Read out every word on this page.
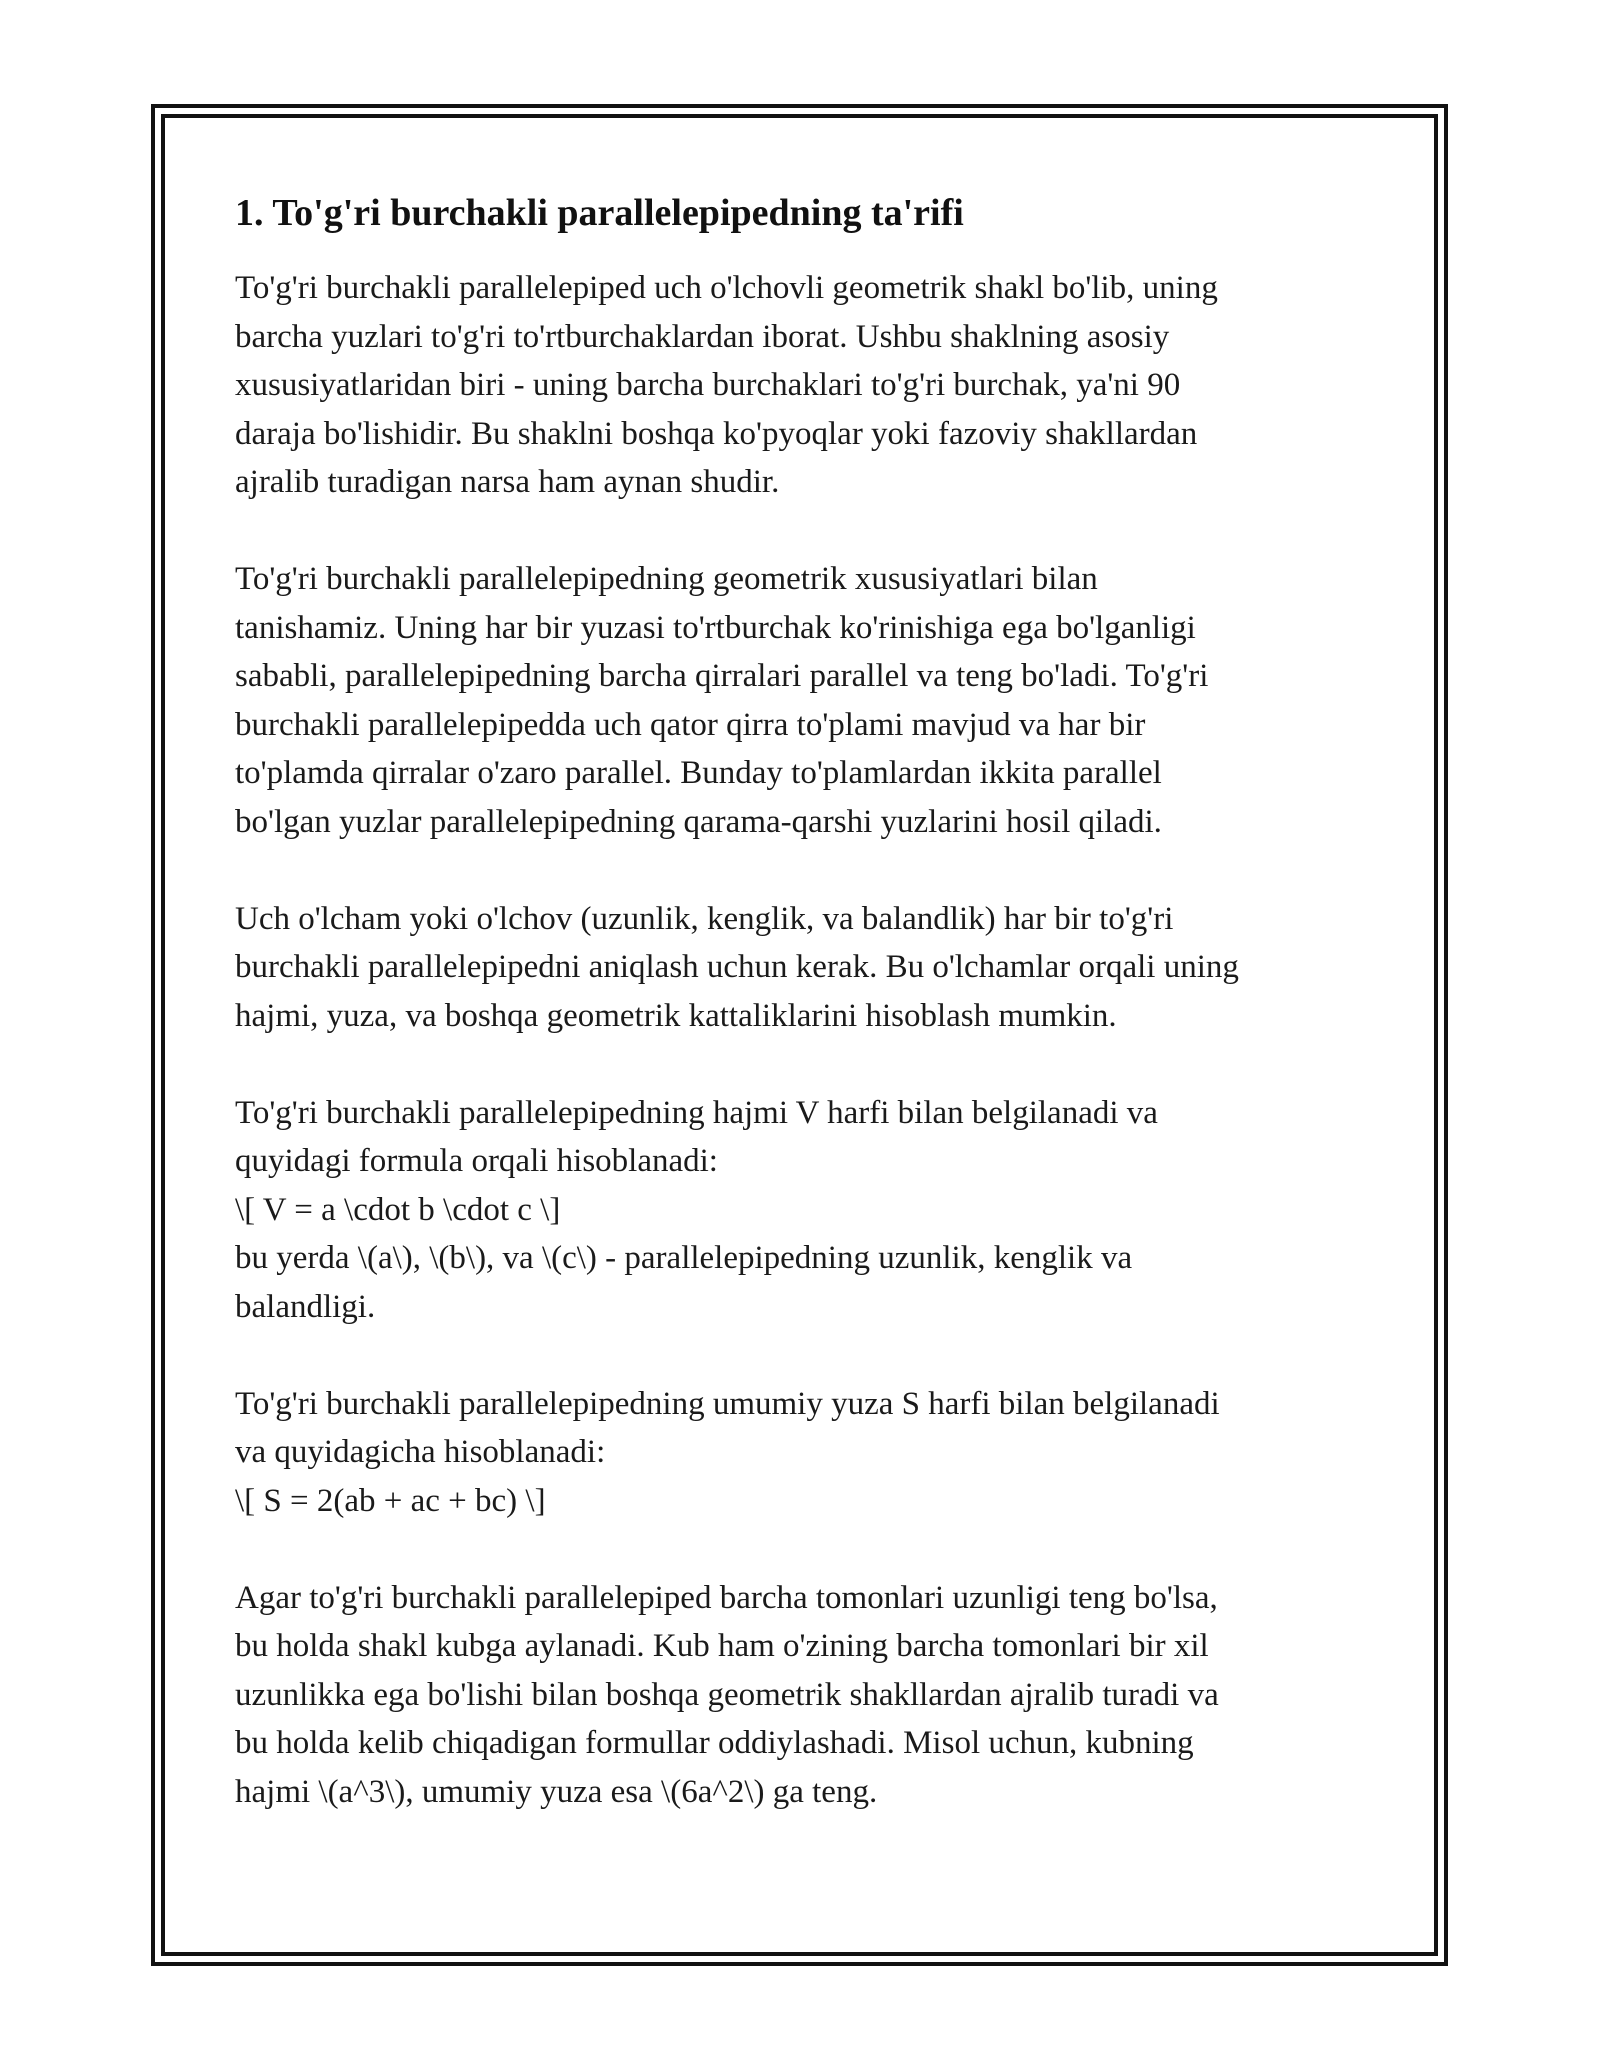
1. To'g'ri burchakli parallelepipedning ta'rifi

To'g'ri burchakli parallelepiped uch o'lchovli geometrik shakl bo'lib, uning
barcha yuzlari to'g'ri to'rtburchaklardan iborat. Ushbu shaklning asosiy
xususiyatlaridan biri - uning barcha burchaklari to'g'ri burchak, ya'ni 90
daraja bo'lishidir. Bu shaklni boshqa ko'pyoqlar yoki fazoviy shakllardan
ajralib turadigan narsa ham aynan shudir.

To'g'ri burchakli parallelepipedning geometrik xususiyatlari bilan
tanishamiz. Uning har bir yuzasi to'rtburchak ko'rinishiga ega bo'lganligi
sababli, parallelepipedning barcha qirralari parallel va teng bo'ladi. To'g'ri
burchakli parallelepipedda uch qator qirra to'plami mavjud va har bir
to'plamda qirralar o'zaro parallel. Bunday to'plamlardan ikkita parallel
bo'lgan yuzlar parallelepipedning qarama-qarshi yuzlarini hosil qiladi.

Uch o'lcham yoki o'lchov (uzunlik, kenglik, va balandlik) har bir to'g'ri
burchakli parallelepipedni aniqlash uchun kerak. Bu o'lchamlar orqali uning
hajmi, yuza, va boshqa geometrik kattaliklarini hisoblash mumkin.

To'g'ri burchakli parallelepipedning hajmi V harfi bilan belgilanadi va
quyidagi formula orqali hisoblanadi:
\[ V = a \cdot b \cdot c \]
bu yerda \(a\), \(b\), va \(c\) - parallelepipedning uzunlik, kenglik va
balandligi.

To'g'ri burchakli parallelepipedning umumiy yuza S harfi bilan belgilanadi
va quyidagicha hisoblanadi:
\[ S = 2(ab + ac + bc) \]

Agar to'g'ri burchakli parallelepiped barcha tomonlari uzunligi teng bo'lsa,
bu holda shakl kubga aylanadi. Kub ham o'zining barcha tomonlari bir xil
uzunlikka ega bo'lishi bilan boshqa geometrik shakllardan ajralib turadi va
bu holda kelib chiqadigan formullar oddiylashadi. Misol uchun, kubning
hajmi \(a^3\), umumiy yuza esa \(6a^2\) ga teng.
